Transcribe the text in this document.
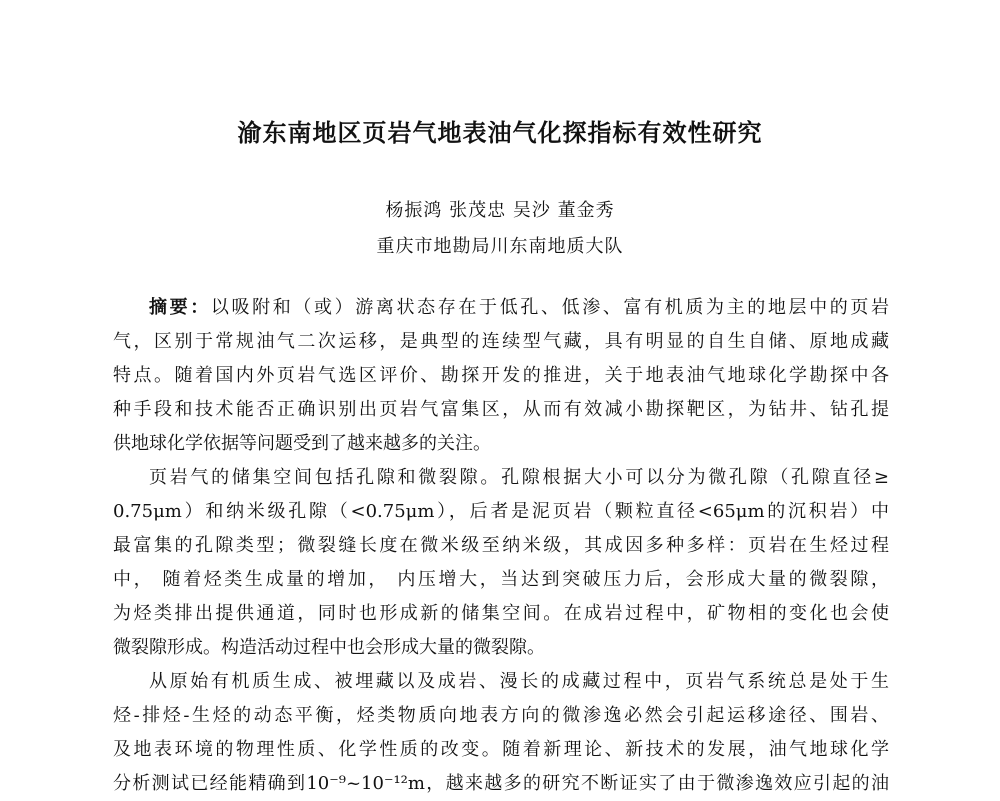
渝东南地区页岩气地表油气化探指标有效性研究
杨振鸿 张茂忠 吴沙 董金秀
重庆市地勘局川东南地质大队
摘要：以吸附和（或）游离状态存在于低孔、低渗、富有机质为主的地层中的页岩
气，区别于常规油气二次运移，是典型的连续型气藏，具有明显的自生自储、原地成藏
特点。随着国内外页岩气选区评价、勘探开发的推进，关于地表油气地球化学勘探中各
种手段和技术能否正确识别出页岩气富集区，从而有效减小勘探靶区，为钻井、钻孔提
供地球化学依据等问题受到了越来越多的关注。
页岩气的储集空间包括孔隙和微裂隙。孔隙根据大小可以分为微孔隙（孔隙直径≥
0.75μm）和纳米级孔隙（<0.75μm），后者是泥页岩（颗粒直径<65μm的沉积岩）中
最富集的孔隙类型；微裂缝长度在微米级至纳米级，其成因多种多样：页岩在生烃过程
中， 随着烃类生成量的增加， 内压增大，当达到突破压力后，会形成大量的微裂隙，
为烃类排出提供通道，同时也形成新的储集空间。在成岩过程中，矿物相的变化也会使
微裂隙形成。构造活动过程中也会形成大量的微裂隙。
从原始有机质生成、被埋藏以及成岩、漫长的成藏过程中，页岩气系统总是处于生
烃-排烃-生烃的动态平衡，烃类物质向地表方向的微渗逸必然会引起运移途径、围岩、
及地表环境的物理性质、化学性质的改变。随着新理论、新技术的发展，油气地球化学
分析测试已经能精确到10⁻⁹~10⁻¹²m，越来越多的研究不断证实了由于微渗逸效应引起的油
